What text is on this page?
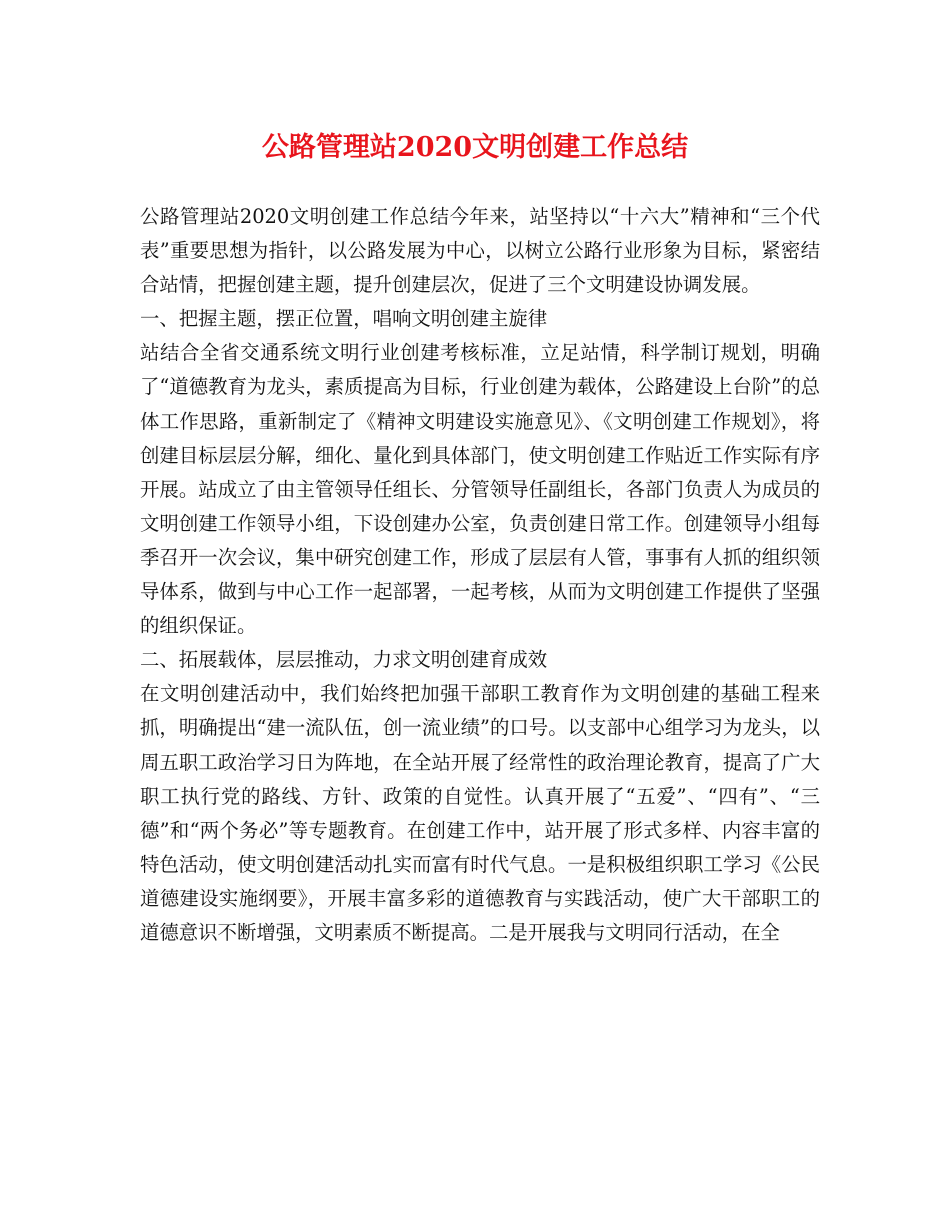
公路管理站2020文明创建工作总结

公路管理站2020文明创建工作总结今年来，站坚持以“十六大”精神和“三个代表”重要思想为指针，以公路发展为中心，以树立公路行业形象为目标，紧密结合站情，把握创建主题，提升创建层次，促进了三个文明建设协调发展。

一、把握主题，摆正位置，唱响文明创建主旋律

站结合全省交通系统文明行业创建考核标准，立足站情，科学制订规划，明确了“道德教育为龙头，素质提高为目标，行业创建为载体，公路建设上台阶”的总体工作思路，重新制定了《精神文明建设实施意见》、《文明创建工作规划》，将创建目标层层分解，细化、量化到具体部门，使文明创建工作贴近工作实际有序开展。站成立了由主管领导任组长、分管领导任副组长，各部门负责人为成员的文明创建工作领导小组，下设创建办公室，负责创建日常工作。创建领导小组每季召开一次会议，集中研究创建工作，形成了层层有人管，事事有人抓的组织领导体系，做到与中心工作一起部署，一起考核，从而为文明创建工作提供了坚强的组织保证。

二、拓展载体，层层推动，力求文明创建育成效

在文明创建活动中，我们始终把加强干部职工教育作为文明创建的基础工程来抓，明确提出“建一流队伍，创一流业绩”的口号。以支部中心组学习为龙头，以周五职工政治学习日为阵地，在全站开展了经常性的政治理论教育，提高了广大职工执行党的路线、方针、政策的自觉性。认真开展了“五爱”、“四有”、“三德”和“两个务必”等专题教育。在创建工作中，站开展了形式多样、内容丰富的特色活动，使文明创建活动扎实而富有时代气息。一是积极组织职工学习《公民道德建设实施纲要》，开展丰富多彩的道德教育与实践活动，使广大干部职工的道德意识不断增强，文明素质不断提高。二是开展我与文明同行活动，在全
